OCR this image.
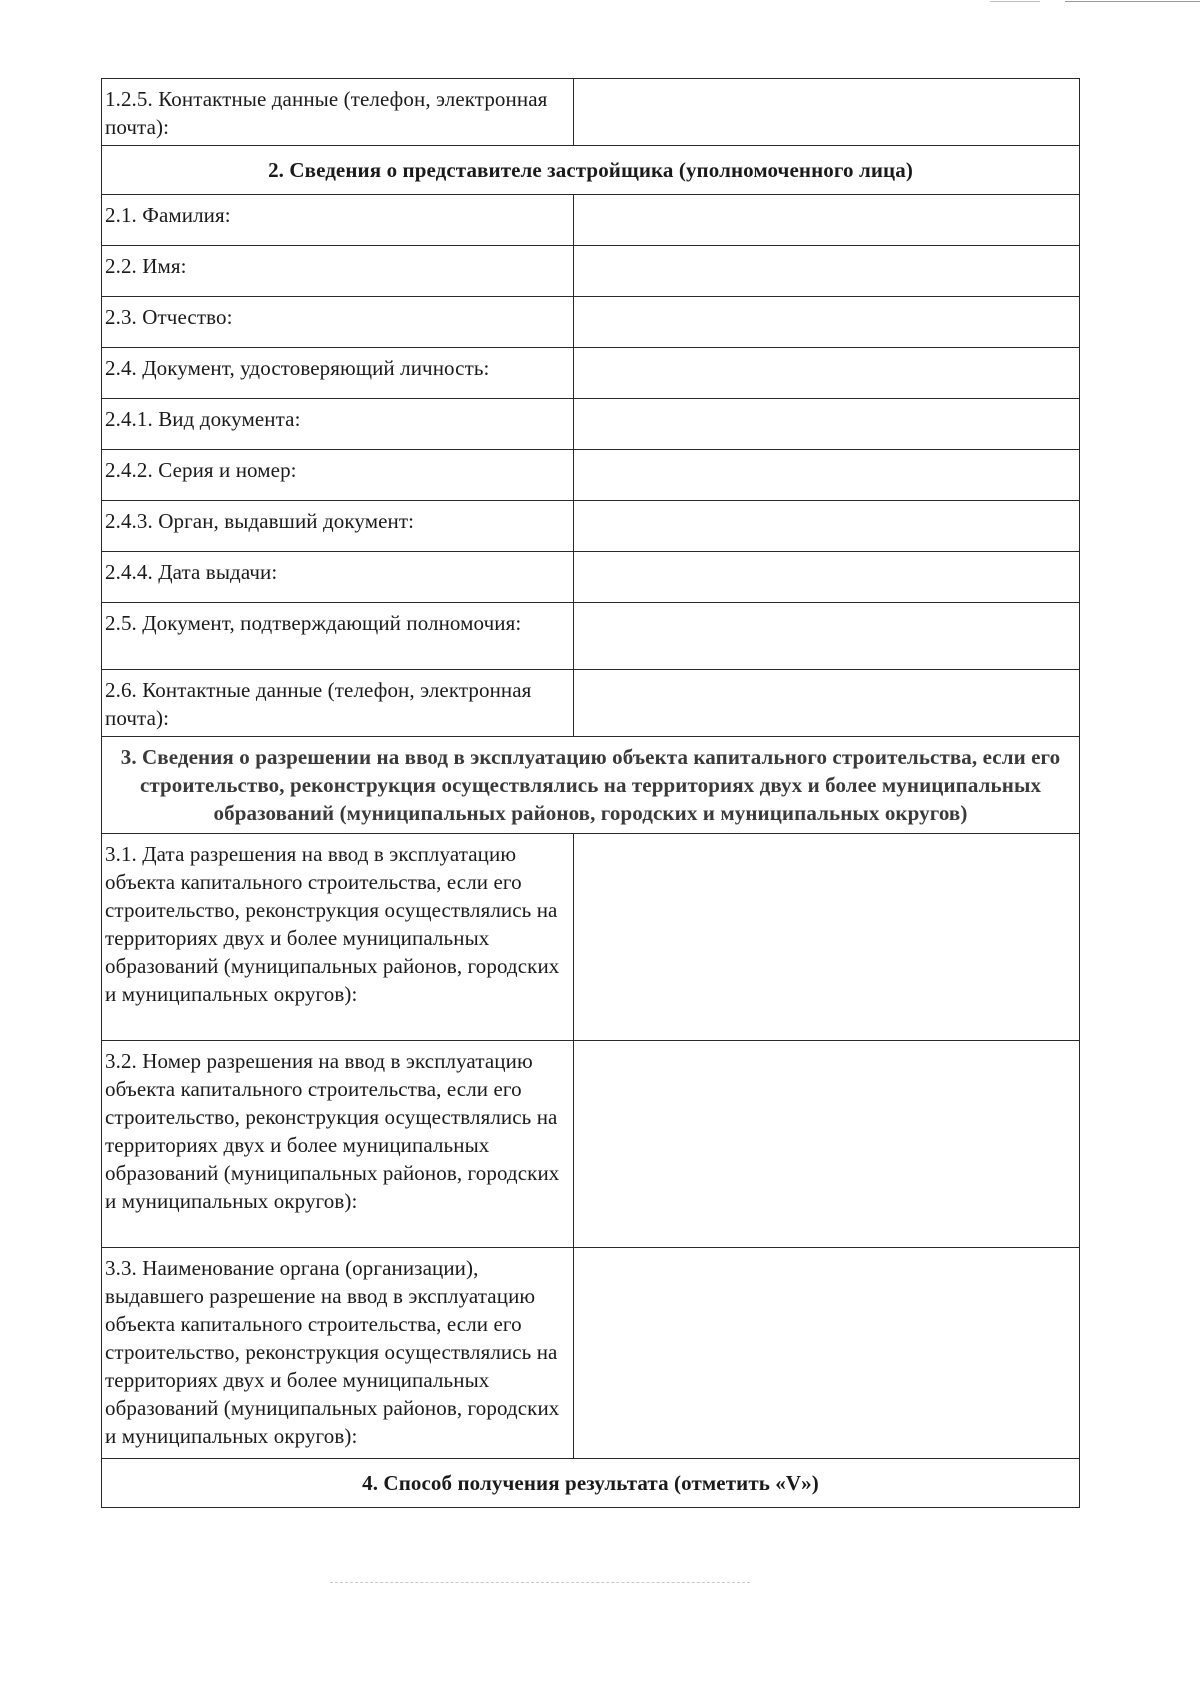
1.2.5. Контактные данные (телефон, электронная почта):	
2. Сведения о представителе застройщика (уполномоченного лица)	
2.1. Фамилия:	
2.2. Имя:	
2.3. Отчество:	
2.4. Документ, удостоверяющий личность:	
2.4.1. Вид документа:	
2.4.2. Серия и номер:	
2.4.3. Орган, выдавший документ:	
2.4.4. Дата выдачи:	
2.5. Документ, подтверждающий полномочия:	
2.6. Контактные данные (телефон, электронная почта):	
3. Сведения о разрешении на ввод в эксплуатацию объекта капитального строительства, если его строительство, реконструкция осуществлялись на территориях двух и более муниципальных образований (муниципальных районов, городских и муниципальных округов)	
3.1. Дата разрешения на ввод в эксплуатацию объекта капитального строительства, если его строительство, реконструкция осуществлялись на территориях двух и более муниципальных образований (муниципальных районов, городских и муниципальных округов):	
3.2. Номер разрешения на ввод в эксплуатацию объекта капитального строительства, если его строительство, реконструкция осуществлялись на территориях двух и более муниципальных образований (муниципальных районов, городских и муниципальных округов):	
3.3. Наименование органа (организации), выдавшего разрешение на ввод в эксплуатацию объекта капитального строительства, если его строительство, реконструкция осуществлялись на территориях двух и более муниципальных образований (муниципальных районов, городских и муниципальных округов):	
4. Способ получения результата (отметить «V»)	
